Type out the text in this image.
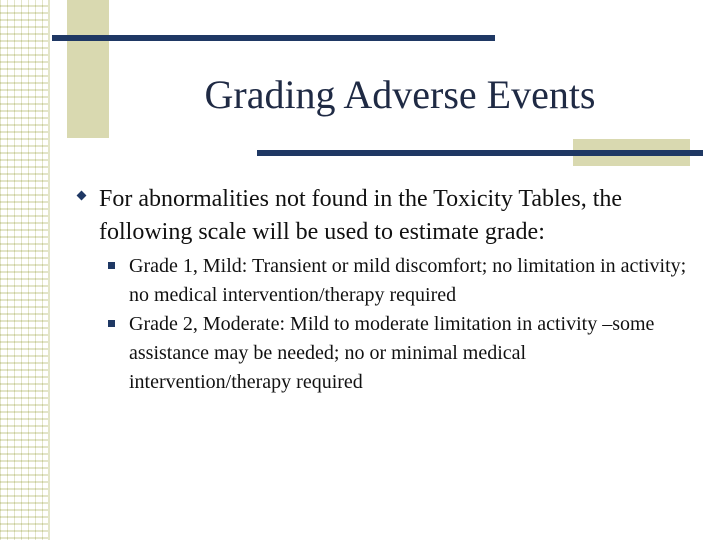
Grading Adverse Events
For abnormalities not found in the Toxicity Tables, the following scale will be used to estimate grade:
Grade 1, Mild: Transient or mild discomfort; no limitation in activity; no medical intervention/therapy required
Grade 2, Moderate: Mild to moderate limitation in activity –some assistance may be needed; no or minimal medical intervention/therapy required
